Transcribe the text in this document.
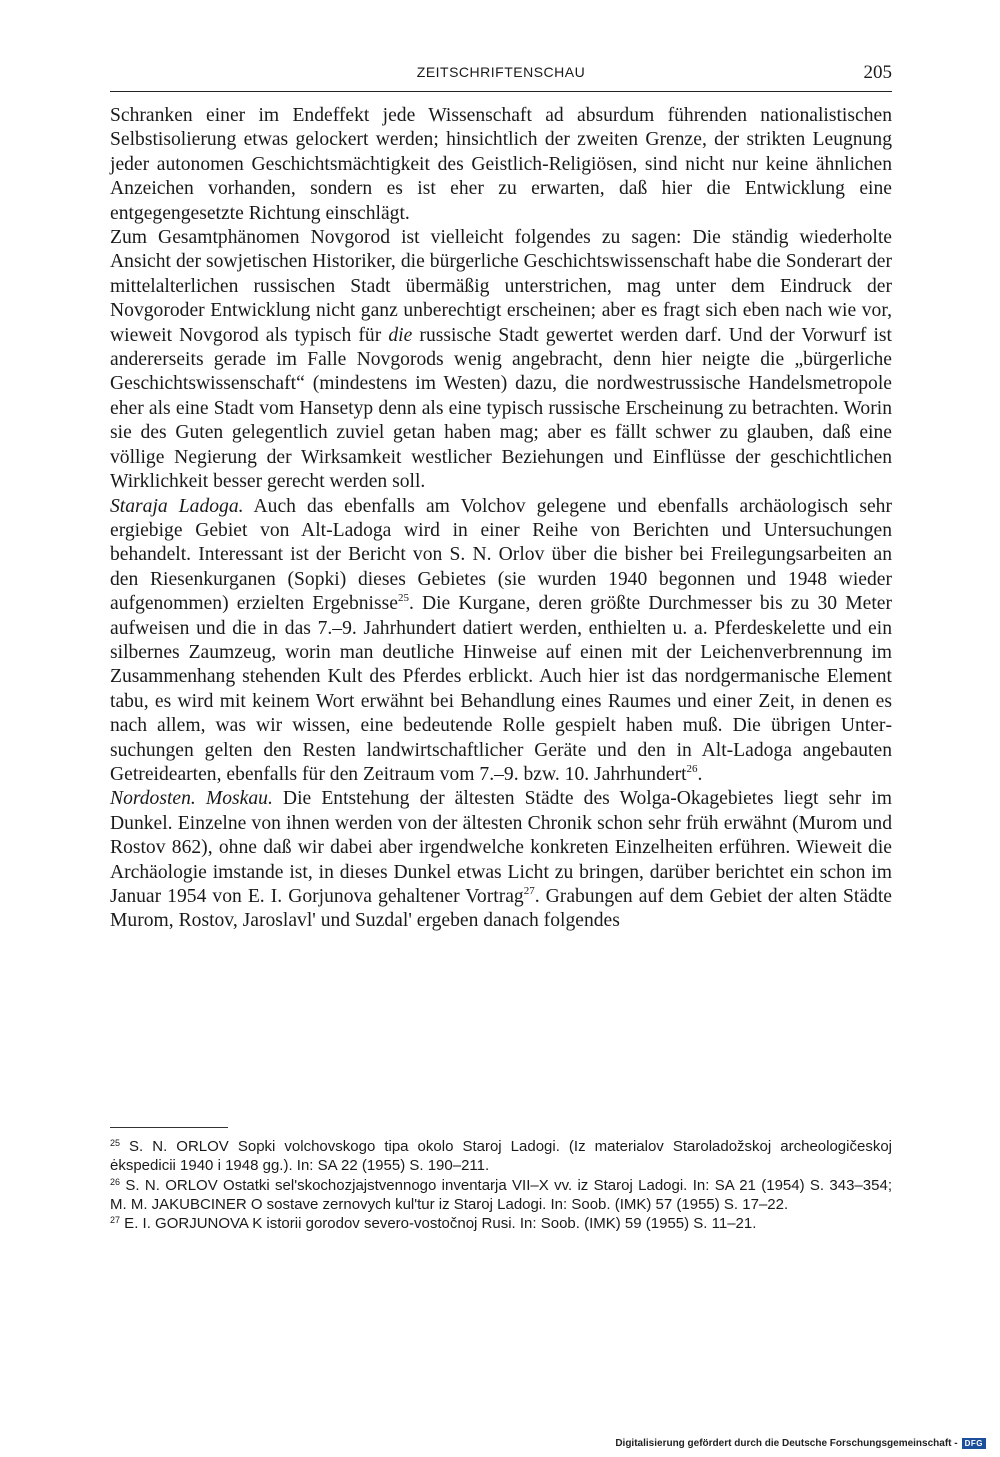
ZEITSCHRIFTENSCHAU	205

Schranken einer im Endeffekt jede Wissenschaft ad absurdum führenden nationalistischen Selbstisolierung etwas gelockert werden; hinsichtlich der zweiten Grenze, der strikten Leugnung jeder autonomen Geschichtsmächtigkeit des Geistlich-Religiösen, sind nicht nur keine ähnlichen Anzeichen vorhanden, sondern es ist eher zu erwarten, daß hier die Entwicklung eine entgegengesetzte Richtung einschlägt.

Zum Gesamtphänomen Novgorod ist vielleicht folgendes zu sagen: Die ständig wiederholte Ansicht der sowjetischen Historiker, die bürgerliche Geschichtswissenschaft habe die Sonderart der mittelalterlichen russischen Stadt übermäßig unterstrichen, mag unter dem Eindruck der Novgoroder Entwicklung nicht ganz unberechtigt erscheinen; aber es fragt sich eben nach wie vor, wieweit Novgorod als typisch für die russische Stadt gewertet werden darf. Und der Vorwurf ist andererseits gerade im Falle Novgorods wenig angebracht, denn hier neigte die „bürgerliche Geschichtswissenschaft“ (mindestens im Westen) dazu, die nordwestrussische Handelsmetropole eher als eine Stadt vom Hansetyp denn als eine typisch russische Erscheinung zu betrachten. Worin sie des Guten gelegentlich zuviel getan haben mag; aber es fällt schwer zu glauben, daß eine völlige Negierung der Wirksamkeit westlicher Beziehungen und Einflüsse der geschichtlichen Wirklichkeit besser gerecht werden soll.

Staraja Ladoga. Auch das ebenfalls am Volchov gelegene und ebenfalls archäologisch sehr ergiebige Gebiet von Alt-Ladoga wird in einer Reihe von Berichten und Untersuchungen behandelt. Interessant ist der Bericht von S. N. Orlov über die bisher bei Freilegungsarbeiten an den Riesenkurganen (Sopki) dieses Gebietes (sie wurden 1940 begonnen und 1948 wieder aufgenommen) erzielten Ergebnisse$^{25}$. Die Kurgane, deren größte Durchmesser bis zu 30 Meter aufweisen und die in das 7.–9. Jahrhundert datiert werden, enthielten u. a. Pferdeskelette und ein silbernes Zaumzeug, worin man deutliche Hinweise auf einen mit der Leichenverbrennung im Zusammenhang stehenden Kult des Pferdes erblickt. Auch hier ist das nordgermanische Element tabu, es wird mit keinem Wort erwähnt bei Behandlung eines Raumes und einer Zeit, in denen es nach allem, was wir wissen, eine bedeutende Rolle gespielt haben muß. Die übrigen Untersuchungen gelten den Resten landwirtschaftlicher Geräte und den in Alt-Ladoga angebauten Getreidearten, ebenfalls für den Zeitraum vom 7.–9. bzw. 10. Jahrhundert$^{26}$.

Nordosten. Moskau. Die Entstehung der ältesten Städte des Wolga-Okagebietes liegt sehr im Dunkel. Einzelne von ihnen werden von der ältesten Chronik schon sehr früh erwähnt (Murom und Rostov 862), ohne daß wir dabei aber irgendwelche konkreten Einzelheiten erführen. Wieweit die Archäologie imstande ist, in dieses Dunkel etwas Licht zu bringen, darüber berichtet ein schon im Januar 1954 von E. I. Gorjunova gehaltener Vortrag$^{27}$. Grabungen auf dem Gebiet der alten Städte Murom, Rostov, Jaroslavl' und Suzdal' ergeben danach folgendes

$^{25}$ S. N. ORLOV Sopki volchovskogo tipa okolo Staroj Ladogi. (Iz materialov Staroladožskoj archeologičeskoj ėkspedicii 1940 i 1948 gg.). In: SA 22 (1955) S. 190–211.

$^{26}$ S. N. ORLOV Ostatki sel'skochozjajstvennogo inventarja VII–X vv. iz Staroj Ladogi. In: SA 21 (1954) S. 343–354; M. M. JAKUBCINER O sostave zernovych kul'tur iz Staroj Ladogi. In: Soob. (IMK) 57 (1955) S. 17–22.

$^{27}$ E. I. GORJUNOVA K istorii gorodov severo-vostočnoj Rusi. In: Soob. (IMK) 59 (1955) S. 11–21.

Digitalisierung gefördert durch die Deutsche Forschungsgemeinschaft - DFG
